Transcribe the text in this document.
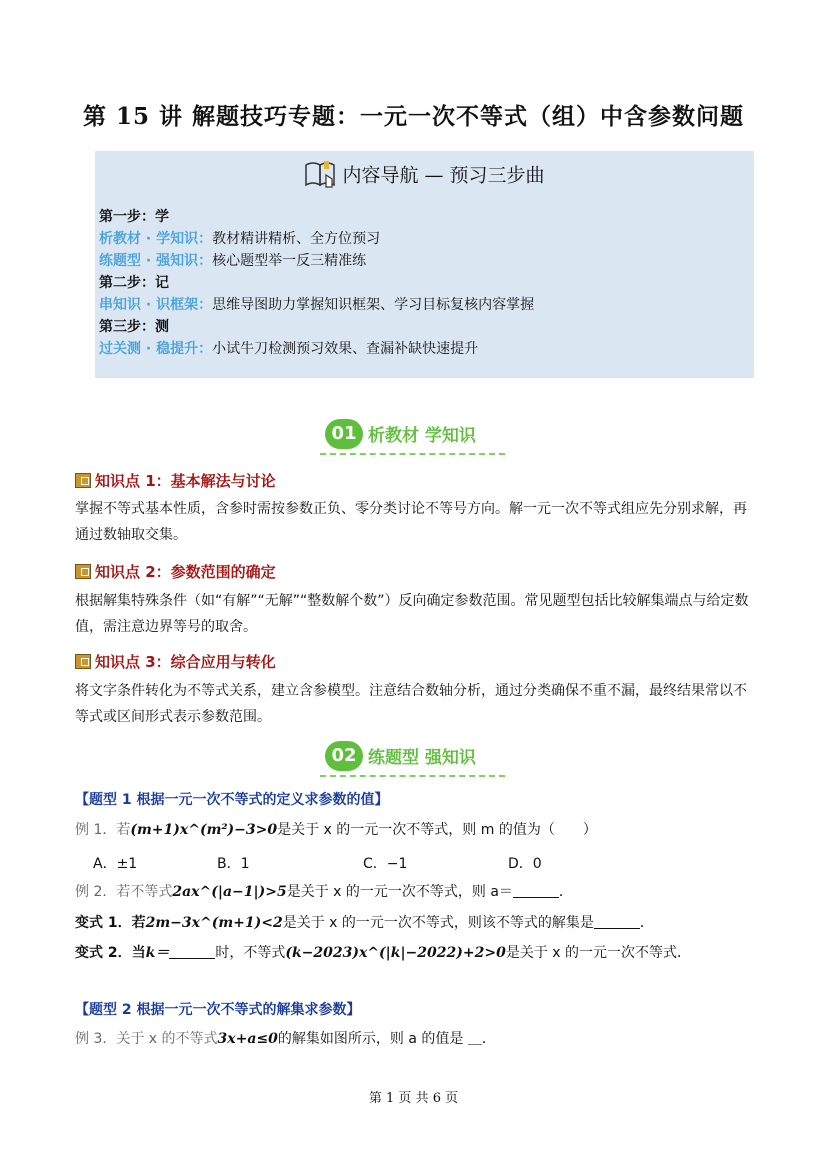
第 15 讲 解题技巧专题：一元一次不等式（组）中含参数问题
内容导航 — 预习三步曲
第一步：学
析教材 · 学知识：教材精讲精析、全方位预习
练题型 · 强知识：核心题型举一反三精准练
第二步：记
串知识 · 识框架：思维导图助力掌握知识框架、学习目标复核内容掌握
第三步：测
过关测 · 稳提升：小试牛刀检测预习效果、查漏补缺快速提升
01 析教材 学知识
知识点 1：基本解法与讨论
掌握不等式基本性质，含参时需按参数正负、零分类讨论不等号方向。解一元一次不等式组应先分别求解，再通过数轴取交集。
知识点 2：参数范围的确定
根据解集特殊条件（如“有解”“无解”“整数解个数”）反向确定参数范围。常见题型包括比较解集端点与给定数值，需注意边界等号的取舍。
知识点 3：综合应用与转化
将文字条件转化为不等式关系，建立含参模型。注意结合数轴分析，通过分类确保不重不漏，最终结果常以不等式或区间形式表示参数范围。
02 练题型 强知识
【题型 1 根据一元一次不等式的定义求参数的值】
例 1．若(m+1)x^(m²)−3>0是关于 x 的一元一次不等式，则 m 的值为（　　）
A．±1	B．1	C．−1	D．0
例 2．若不等式2ax^(|a−1|)>5是关于 x 的一元一次不等式，则 a＝	．
变式 1．若2m−3x^(m+1)<2是关于 x 的一元一次不等式，则该不等式的解集是	．
变式 2．当k＝	时，不等式(k−2023)x^(|k|−2022)+2>0是关于 x 的一元一次不等式．
【题型 2 根据一元一次不等式的解集求参数】
例 3．关于 x 的不等式3x+a≤0的解集如图所示，则 a 的值是 ＿．
第 1 页 共 6 页
